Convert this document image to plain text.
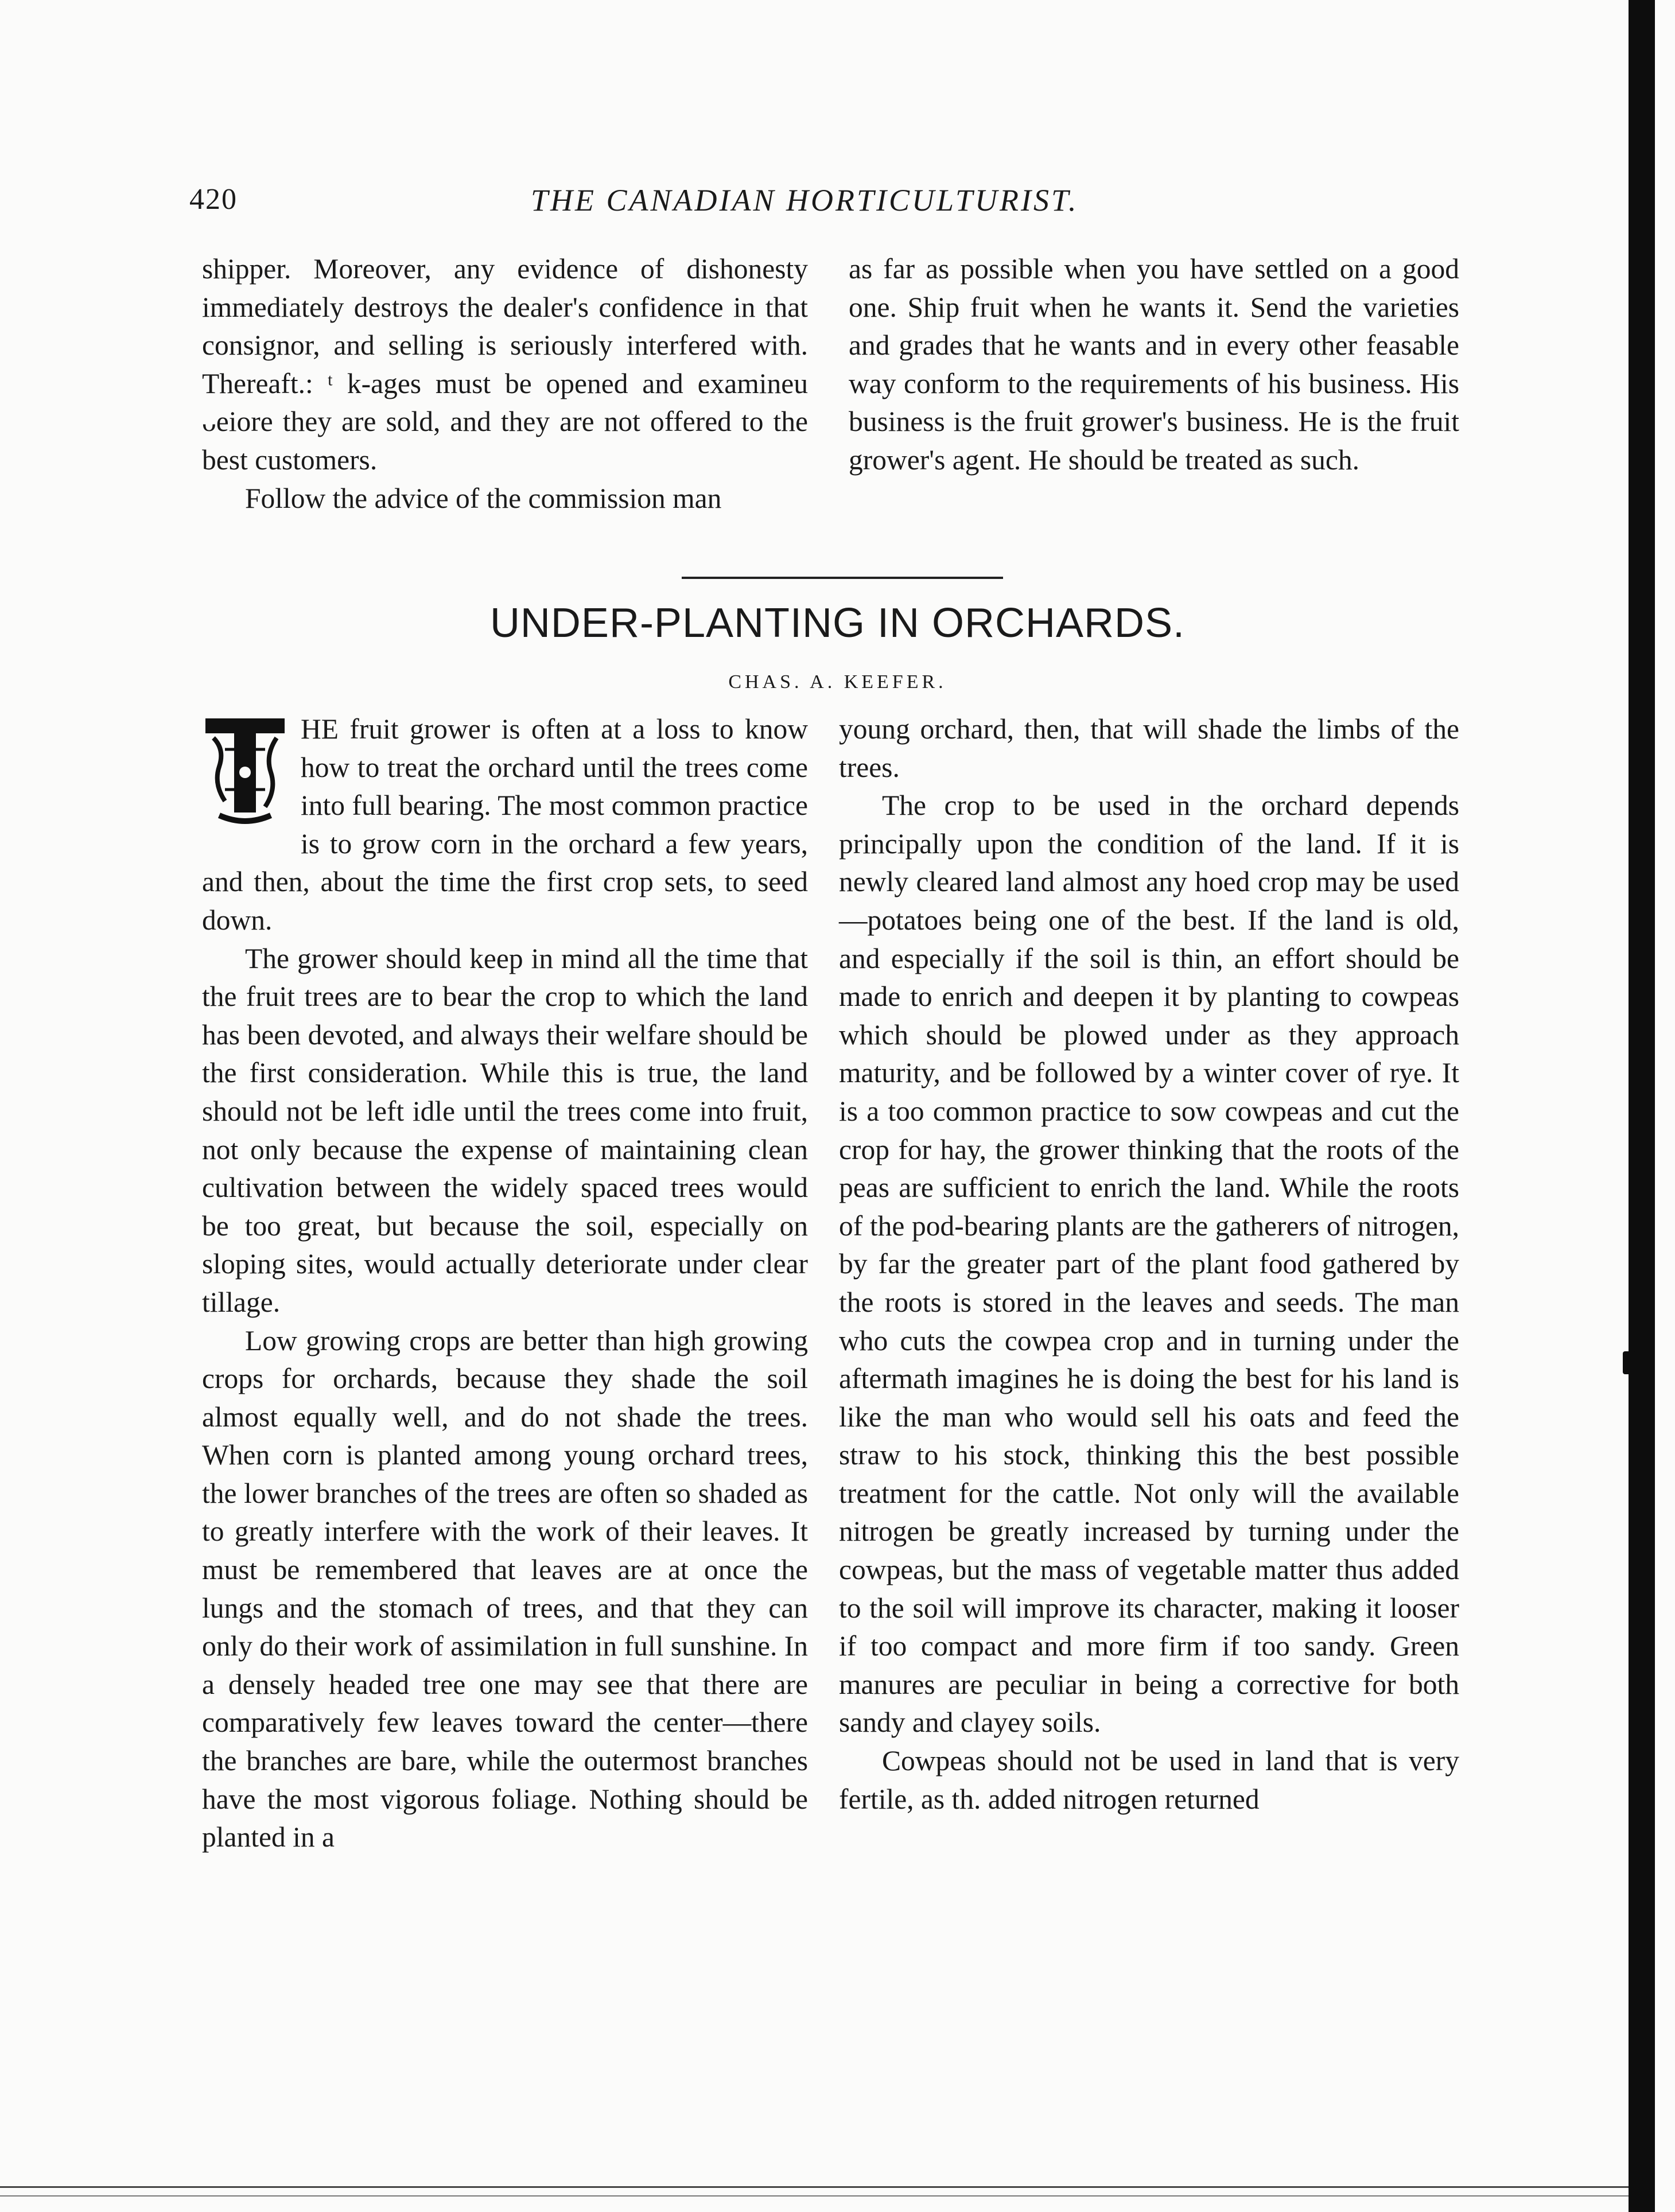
420	THE CANADIAN HORTICULTURIST.

shipper. Moreover, any evidence of dishonesty immediately destroys the dealer's confidence in that consignor, and selling is seriously interfered with. Thereaft.: ᵗ k-ages must be opened and examineu ᴗeiore they are sold, and they are not offered to the best customers.

Follow the advice of the commission man

as far as possible when you have settled on a good one. Ship fruit when he wants it. Send the varieties and grades that he wants and in every other feasable way conform to the requirements of his business. His business is the fruit grower's business. He is the fruit grower's agent. He should be treated as such.

UNDER-PLANTING IN ORCHARDS.
CHAS. A. KEEFER.

HE fruit grower is often at a loss to know how to treat the orchard until the trees come into full bearing. The most common practice is to grow corn in the orchard a few years, and then, about the time the first crop sets, to seed down.

The grower should keep in mind all the time that the fruit trees are to bear the crop to which the land has been devoted, and always their welfare should be the first consideration. While this is true, the land should not be left idle until the trees come into fruit, not only because the expense of maintaining clean cultivation between the widely spaced trees would be too great, but because the soil, especially on sloping sites, would actually deteriorate under clear tillage.

Low growing crops are better than high growing crops for orchards, because they shade the soil almost equally well, and do not shade the trees. When corn is planted among young orchard trees, the lower branches of the trees are often so shaded as to greatly interfere with the work of their leaves. It must be remembered that leaves are at once the lungs and the stomach of trees, and that they can only do their work of assimilation in full sunshine. In a densely headed tree one may see that there are comparatively few leaves toward the center—there the branches are bare, while the outermost branches have the most vigorous foliage. Nothing should be planted in a

young orchard, then, that will shade the limbs of the trees.

The crop to be used in the orchard depends principally upon the condition of the land. If it is newly cleared land almost any hoed crop may be used—potatoes being one of the best. If the land is old, and especially if the soil is thin, an effort should be made to enrich and deepen it by planting to cowpeas which should be plowed under as they approach maturity, and be followed by a winter cover of rye. It is a too common practice to sow cowpeas and cut the crop for hay, the grower thinking that the roots of the peas are sufficient to enrich the land. While the roots of the pod-bearing plants are the gatherers of nitrogen, by far the greater part of the plant food gathered by the roots is stored in the leaves and seeds. The man who cuts the cowpea crop and in turning under the aftermath imagines he is doing the best for his land is like the man who would sell his oats and feed the straw to his stock, thinking this the best possible treatment for the cattle. Not only will the available nitrogen be greatly increased by turning under the cowpeas, but the mass of vegetable matter thus added to the soil will improve its character, making it looser if too compact and more firm if too sandy. Green manures are peculiar in being a corrective for both sandy and clayey soils.

Cowpeas should not be used in land that is very fertile, as th. added nitrogen returned
